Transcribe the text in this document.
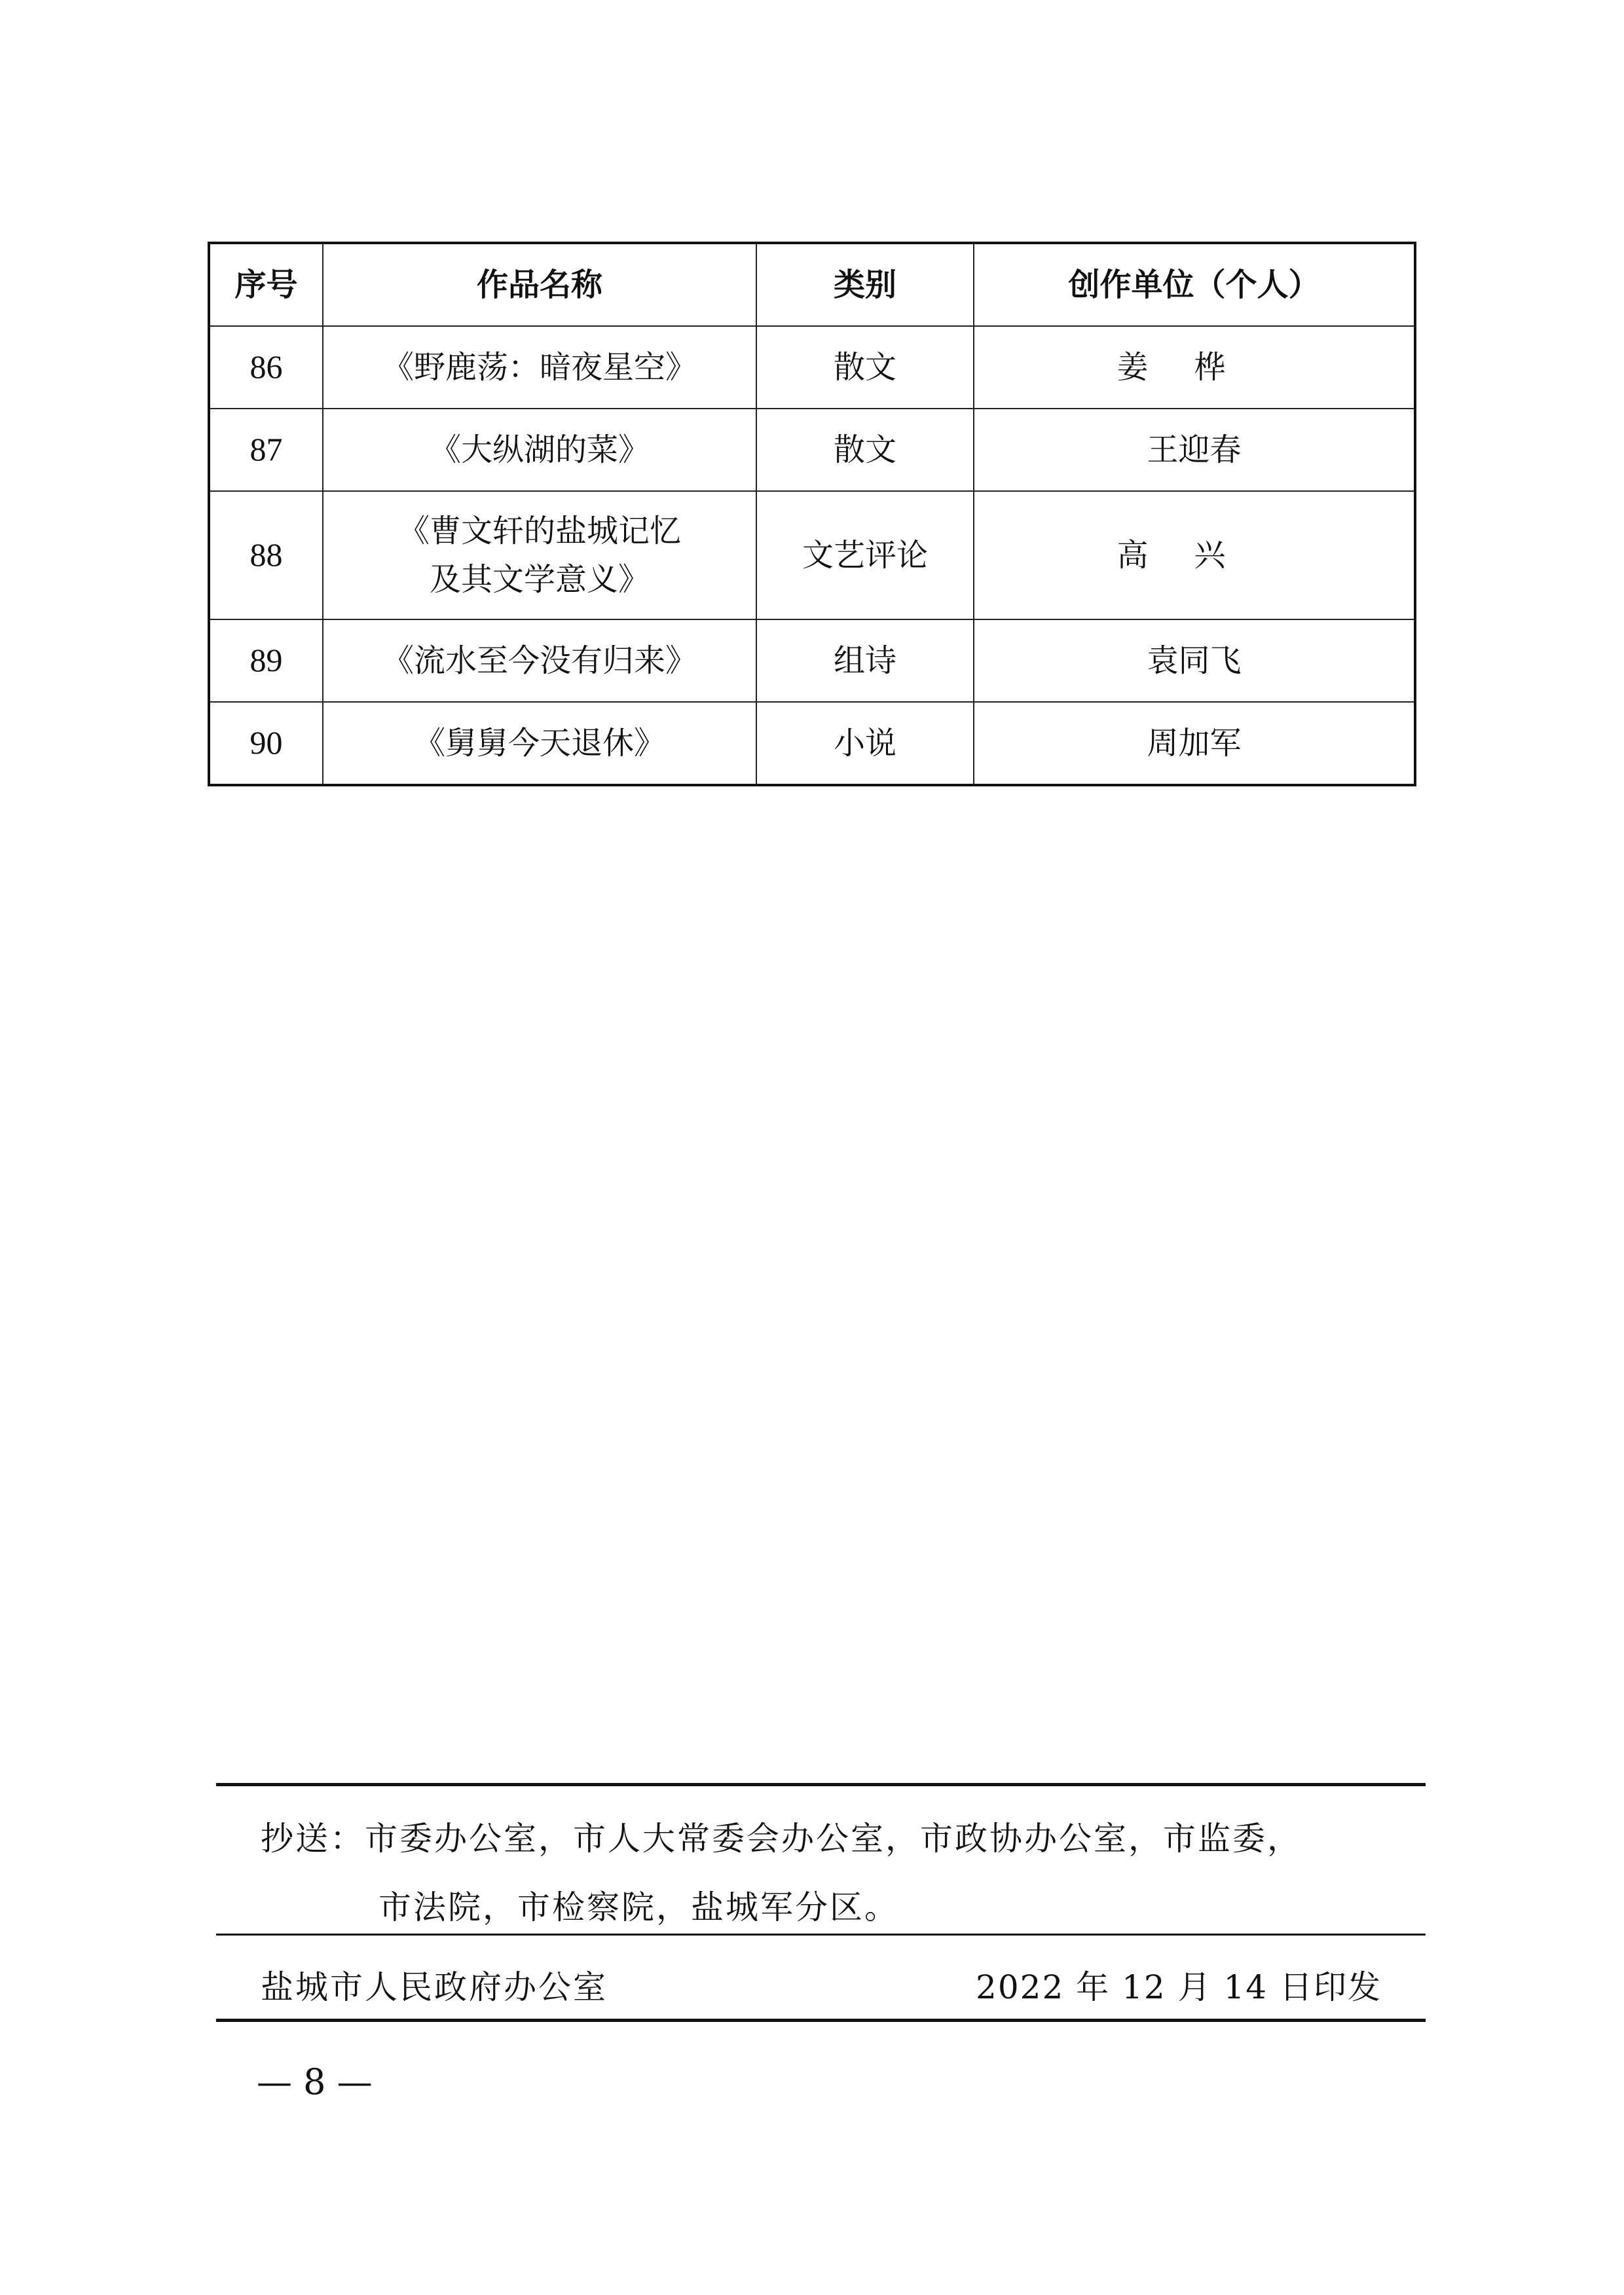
序号	作品名称	类别	创作单位（个人）
86	《野鹿荡：暗夜星空》	散文	姜桦
87	《大纵湖的菜》	散文	王迎春
88	《曹文轩的盐城记忆
及其文学意义》	文艺评论	高兴
89	《流水至今没有归来》	组诗	袁同飞
90	《舅舅今天退休》	小说	周加军
抄送：市委办公室，市人大常委会办公室，市政协办公室，市监委，
市法院，市检察院，盐城军分区。
盐城市人民政府办公室	2022 年 12 月 14 日印发
— 8 —
